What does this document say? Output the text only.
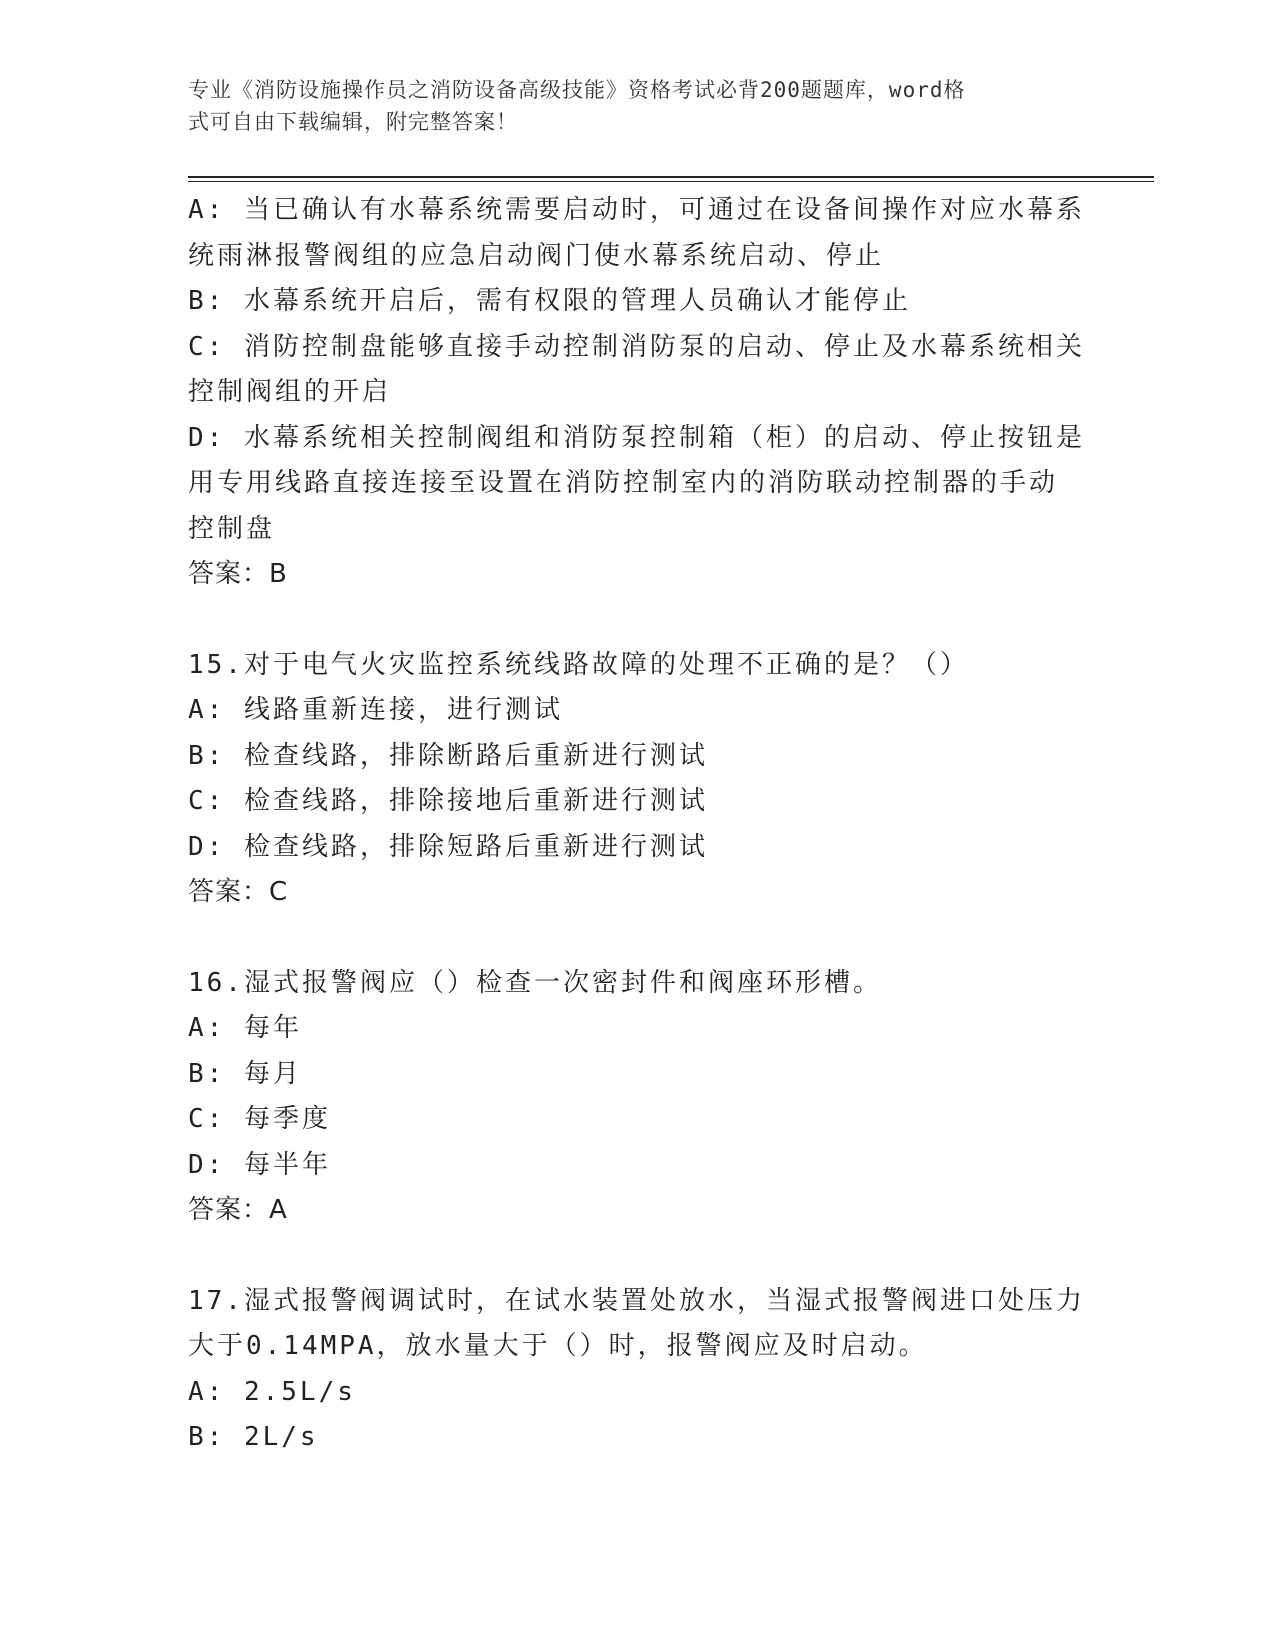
专业《消防设施操作员之消防设备高级技能》资格考试必背200题题库，word格
式可自由下载编辑，附完整答案！
A: 当已确认有水幕系统需要启动时，可通过在设备间操作对应水幕系
统雨淋报警阀组的应急启动阀门使水幕系统启动、停止
B: 水幕系统开启后，需有权限的管理人员确认才能停止
C: 消防控制盘能够直接手动控制消防泵的启动、停止及水幕系统相关
控制阀组的开启
D: 水幕系统相关控制阀组和消防泵控制箱（柜）的启动、停止按钮是
用专用线路直接连接至设置在消防控制室内的消防联动控制器的手动
控制盘
答案：B
15.对于电气火灾监控系统线路故障的处理不正确的是？（）
A: 线路重新连接，进行测试
B: 检查线路，排除断路后重新进行测试
C: 检查线路，排除接地后重新进行测试
D: 检查线路，排除短路后重新进行测试
答案：C
16.湿式报警阀应（）检查一次密封件和阀座环形槽。
A: 每年
B: 每月
C: 每季度
D: 每半年
答案：A
17.湿式报警阀调试时，在试水装置处放水，当湿式报警阀进口处压力
大于0.14MPA，放水量大于（）时，报警阀应及时启动。
A: 2.5L/s
B: 2L/s
